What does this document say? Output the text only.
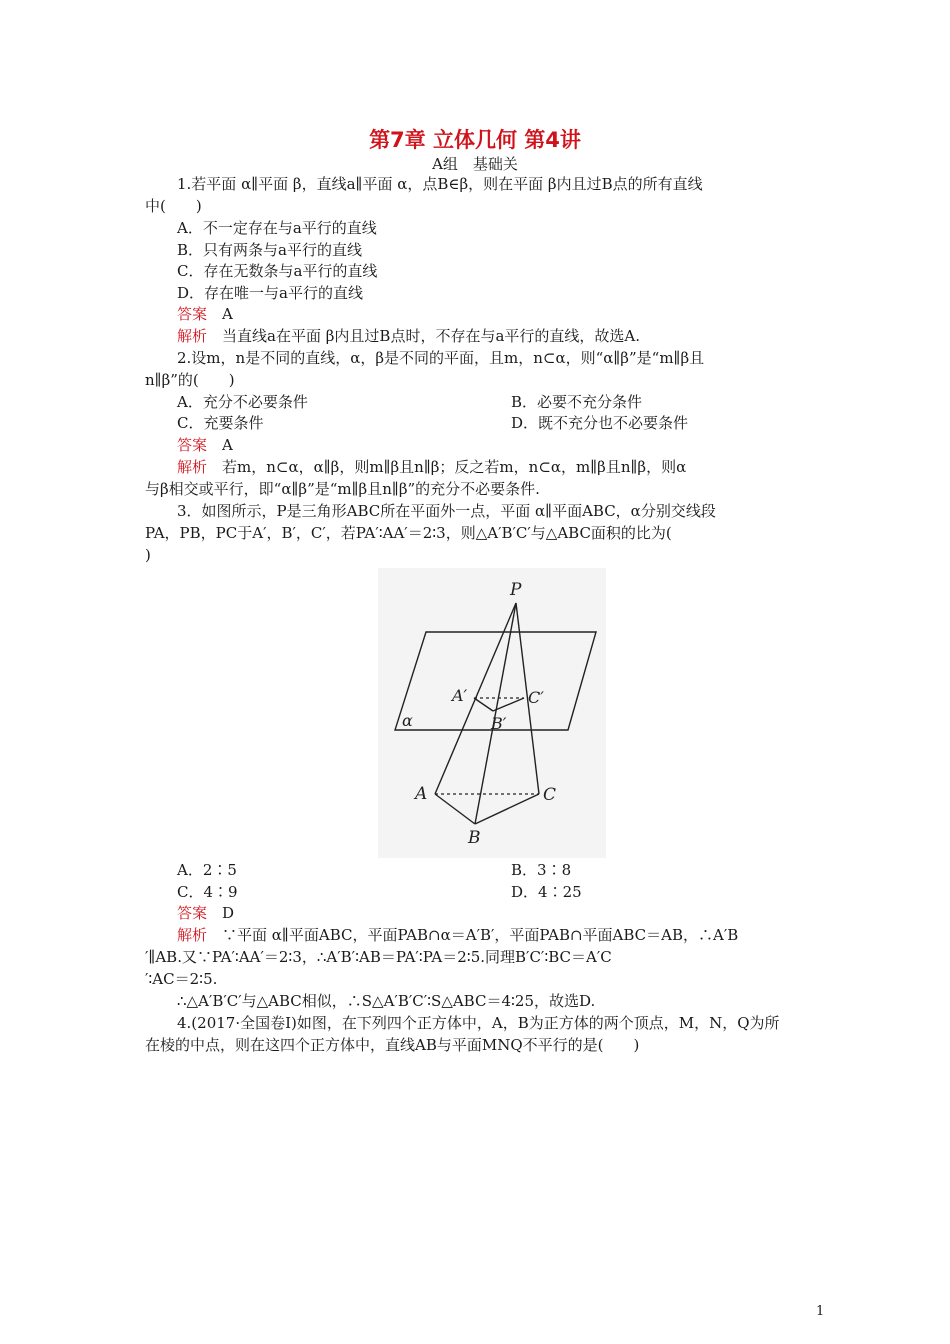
第7章 立体几何 第4讲
A组　基础关
1.若平面 α∥平面 β，直线a∥平面 α，点B∈β，则在平面 β内且过B点的所有直线
中(　　)
A．不一定存在与a平行的直线
B．只有两条与a平行的直线
C．存在无数条与a平行的直线
D．存在唯一与a平行的直线
答案　 A
解析　 当直线a在平面 β内且过B点时，不存在与a平行的直线，故选A.
2.设m，n是不同的直线，α，β是不同的平面，且m，n⊂α，则“α∥β”是“m∥β且
n∥β”的(　　)
A．充分不必要条件	B．必要不充分条件
C．充要条件	D．既不充分也不必要条件
答案　 A
解析　 若m，n⊂α，α∥β，则m∥β且n∥β；反之若m，n⊂α，m∥β且n∥β，则α
与β相交或平行，即“α∥β”是“m∥β且n∥β”的充分不必要条件.
3．如图所示，P是三角形ABC所在平面外一点，平面 α∥平面ABC，α分别交线段
PA，PB，PC于A′，B′，C′，若PA′∶AA′＝2∶3，则△A′B′C′与△ABC面积的比为(
)
P
A′
B′
C′
α
A
B
C
A．2∶5	B．3∶8
C．4∶9	D．4∶25
答案　 D
解析　 ∵平面 α∥平面ABC，平面PAB∩α＝A′B′，平面PAB∩平面ABC＝AB，∴A′B
′∥AB.又∵PA′∶AA′＝2∶3，∴A′B′∶AB＝PA′∶PA＝2∶5.同理B′C′∶BC＝A′C
′∶AC＝2∶5.
∴△A′B′C′与△ABC相似，∴S△A′B′C′∶S△ABC＝4∶25，故选D.
4.(2017·全国卷Ⅰ)如图，在下列四个正方体中，A，B为正方体的两个顶点，M，N，Q为所
在棱的中点，则在这四个正方体中，直线AB与平面MNQ不平行的是(　　)
1
